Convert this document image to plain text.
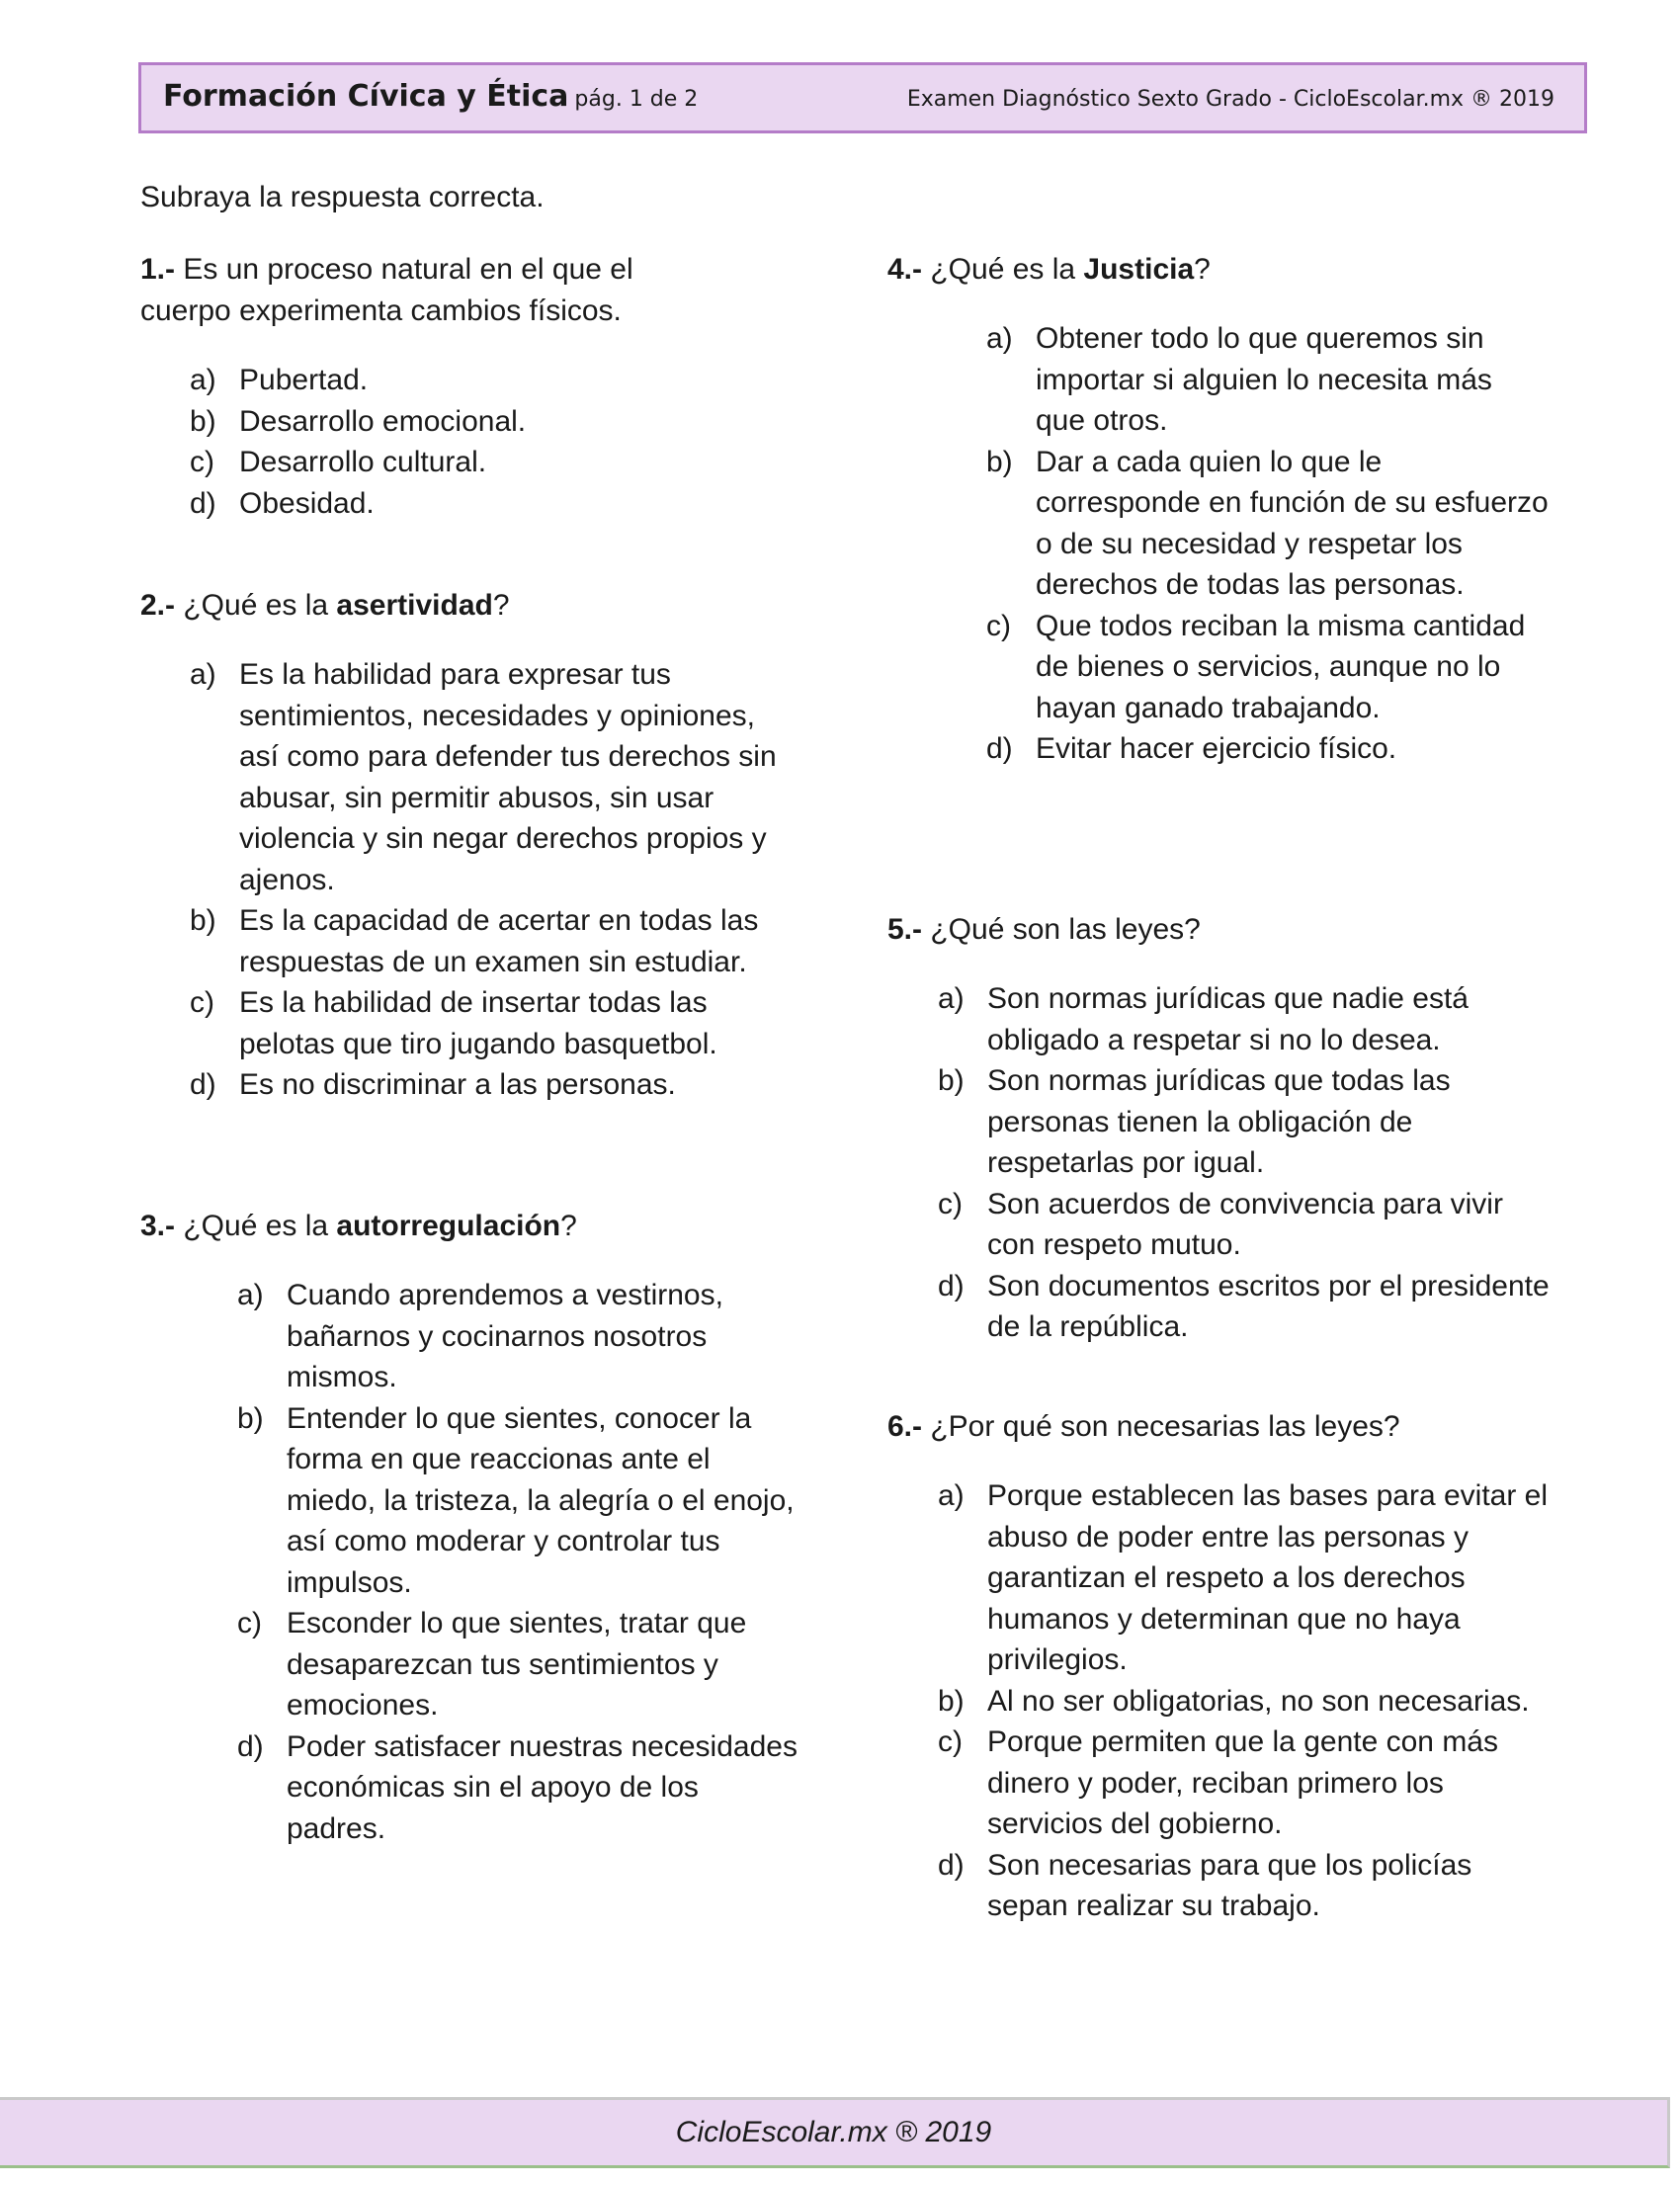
Formación Cívica y Ética pág. 1 de 2	Examen Diagnóstico Sexto Grado - CicloEscolar.mx ® 2019
Subraya la respuesta correcta.
1.- Es un proceso natural en el que el cuerpo experimenta cambios físicos.
a) Pubertad.
b) Desarrollo emocional.
c) Desarrollo cultural.
d) Obesidad.
2.- ¿Qué es la asertividad?
a) Es la habilidad para expresar tus sentimientos, necesidades y opiniones, así como para defender tus derechos sin abusar, sin permitir abusos, sin usar violencia y sin negar derechos propios y ajenos.
b) Es la capacidad de acertar en todas las respuestas de un examen sin estudiar.
c) Es la habilidad de insertar todas las pelotas que tiro jugando basquetbol.
d) Es no discriminar a las personas.
3.- ¿Qué es la autorregulación?
a) Cuando aprendemos a vestirnos, bañarnos y cocinarnos nosotros mismos.
b) Entender lo que sientes, conocer la forma en que reaccionas ante el miedo, la tristeza, la alegría o el enojo, así como moderar y controlar tus impulsos.
c) Esconder lo que sientes, tratar que desaparezcan tus sentimientos y emociones.
d) Poder satisfacer nuestras necesidades económicas sin el apoyo de los padres.
4.- ¿Qué es la Justicia?
a) Obtener todo lo que queremos sin importar si alguien lo necesita más que otros.
b) Dar a cada quien lo que le corresponde en función de su esfuerzo o de su necesidad y respetar los derechos de todas las personas.
c) Que todos reciban la misma cantidad de bienes o servicios, aunque no lo hayan ganado trabajando.
d) Evitar hacer ejercicio físico.
5.- ¿Qué son las leyes?
a) Son normas jurídicas que nadie está obligado a respetar si no lo desea.
b) Son normas jurídicas que todas las personas tienen la obligación de respetarlas por igual.
c) Son acuerdos de convivencia para vivir con respeto mutuo.
d) Son documentos escritos por el presidente de la república.
6.- ¿Por qué son necesarias las leyes?
a) Porque establecen las bases para evitar el abuso de poder entre las personas y garantizan el respeto a los derechos humanos y determinan que no haya privilegios.
b) Al no ser obligatorias, no son necesarias.
c) Porque permiten que la gente con más dinero y poder, reciban primero los servicios del gobierno.
d) Son necesarias para que los policías sepan realizar su trabajo.
CicloEscolar.mx ® 2019
